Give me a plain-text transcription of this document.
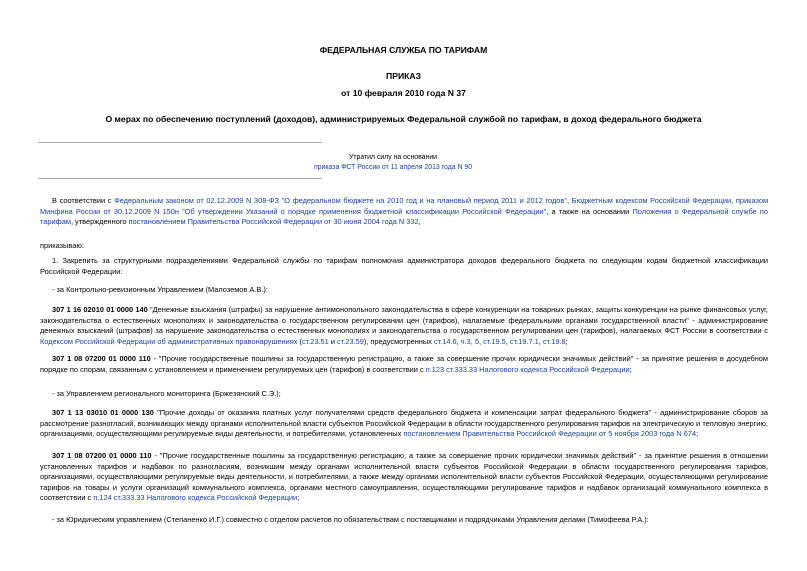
ФЕДЕРАЛЬНАЯ СЛУЖБА ПО ТАРИФАМ
ПРИКАЗ
от 10 февраля 2010 года N 37
О мерах по обеспечению поступлений (доходов), администрируемых Федеральной службой по тарифам, в доход федерального бюджета
Утратил силу на основании
приказа ФСТ России от 11 апреля 2013 года N 90
В соответствии с Федеральным законом от 02.12.2009 N 308-ФЗ "О федеральном бюджете на 2010 год и на плановый период 2011 и 2012 годов", Бюджетным кодексом Российской Федерации, приказом Минфина России от 30.12.2009 N 150н "Об утверждении Указаний о порядке применения бюджетной классификации Российской Федерации", а также на основании Положения о Федеральной службе по тарифам, утвержденного постановлением Правительства Российской Федерации от 30 июня 2004 года N 332,
приказываю:
1. Закрепить за структурными подразделениями Федеральной службы по тарифам полномочия администратора доходов федерального бюджета по следующим кодам бюджетной классификации Российской Федерации:
- за Контрольно-ревизионным Управлением (Малоземов А.В.):
307 1 16 02010 01 0000 140 "Денежные взыскания (штрафы) за нарушение антимонопольного законодательства в сфере конкуренции на товарных рынках, защиты конкуренции на рынке финансовых услуг, законодательства о естественных монополиях и законодательства о государственном регулировании цен (тарифов), налагаемые федеральными органами государственной власти" - администрирование денежных взысканий (штрафов) за нарушение законодательства о естественных монополиях и законодательства о государственном регулировании цен (тарифов), налагаемых ФСТ России в соответствии с Кодексом Российской Федерации об административных правонарушениях (ст.23.51 и ст.23.59), предусмотренных ст.14.6, ч.3, 5, ст.19.5, ст.19.7.1, ст.19.8;
307 1 08 07200 01 0000 110 - "Прочие государственные пошлины за государственную регистрацию, а также за совершение прочих юридически значимых действий" - за принятие решения в досудебном порядке по спорам, связанным с установлением и применением регулируемых цен (тарифов) в соответствии с п.123 ст.333.33 Налогового кодекса Российской Федерации;
- за Управлением регионального мониторинга (Бржезянский С.Э.);
307 1 13 03010 01 0000 130 "Прочие доходы от оказания платных услуг получателями средств федерального бюджета и компенсации затрат федерального бюджета" - администрирование сборов за рассмотрение разногласий, возникающих между органами исполнительной власти субъектов Российской Федерации в области государственного регулирования тарифов на электрическую и тепловую энергию, организациями, осуществляющими регулируемые виды деятельности, и потребителями, установленных постановлением Правительства Российской Федерации от 5 ноября 2003 года N 674;
307 1 08 07200 01 0000 110 - "Прочие государственные пошлины за государственную регистрацию, а также за совершение прочих юридически значимых действий" - за принятие решения в отношении установленных тарифов и надбавок по разногласиям, возникшим между органами исполнительной власти субъектов Российской Федерации в области государственного регулирования тарифов, организациями, осуществляющими регулируемые виды деятельности, и потребителями, а также между органами исполнительной власти субъектов Российской Федерации, осуществляющими регулирование тарифов на товары и услуги организаций коммунального комплекса, органами местного самоуправления, осуществляющими регулирование тарифов и надбавок организаций коммунального комплекса в соответствии с п.124 ст.333.33 Налогового кодекса Российской Федерации;
- за Юридическим управлением (Степаненко И.Г.) совместно с отделом расчетов по обязательствам с поставщиками и подрядчиками Управления делами (Тимофеева Р.А.):
